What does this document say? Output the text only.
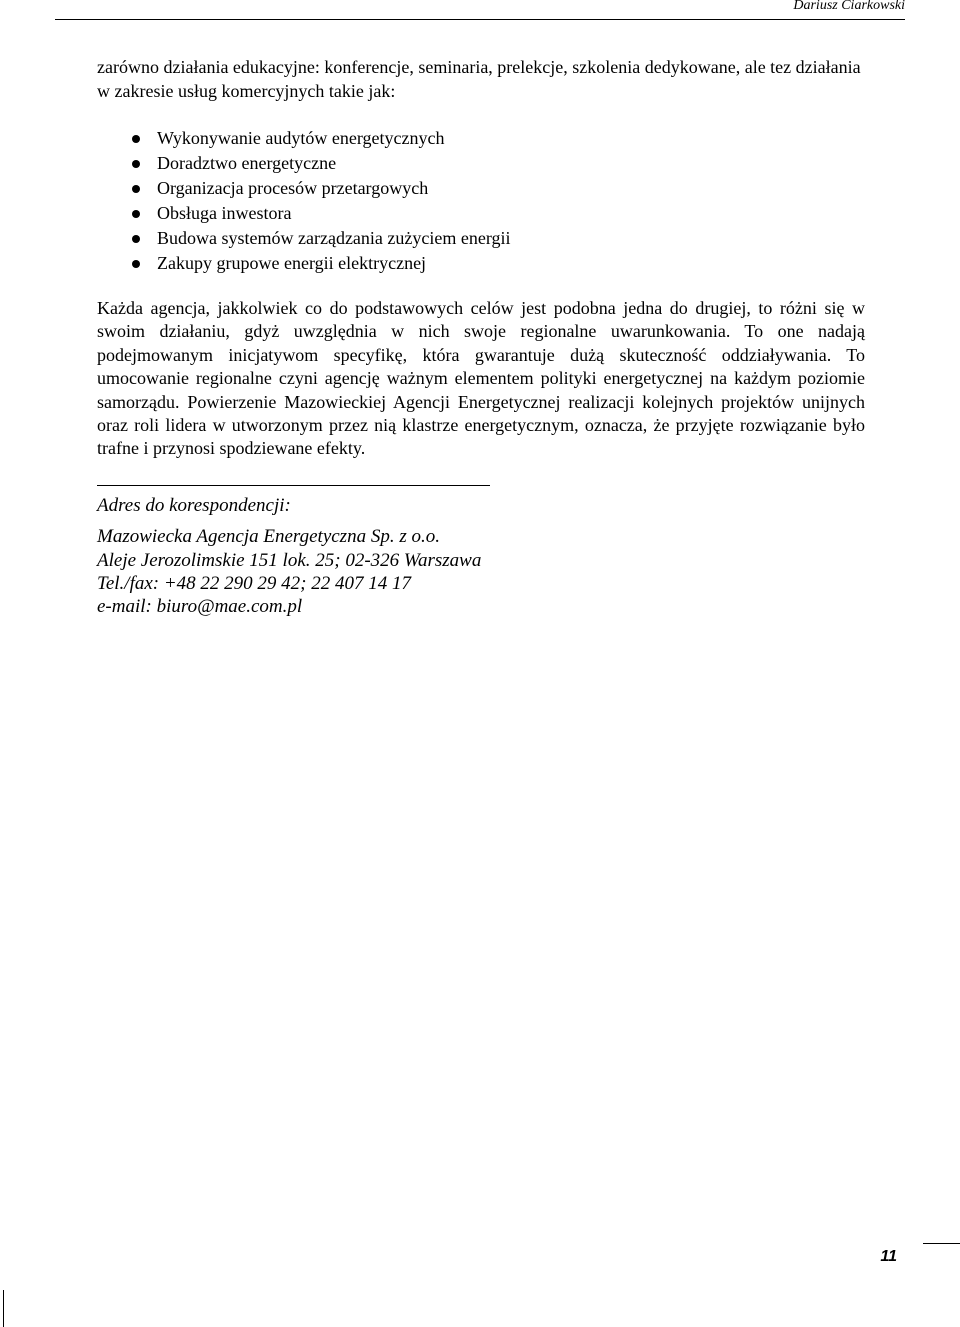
Dariusz Ciarkowski

zarówno działania edukacyjne: konferencje, seminaria, prelekcje, szkolenia dedykowane, ale tez działania w zakresie usług komercyjnych takie jak:

Wykonywanie audytów energetycznych
Doradztwo energetyczne
Organizacja procesów przetargowych
Obsługa inwestora
Budowa systemów zarządzania zużyciem energii
Zakupy grupowe energii elektrycznej

Każda agencja, jakkolwiek co do podstawowych celów jest podobna jedna do drugiej, to różni się w swoim działaniu, gdyż uwzględnia w nich swoje regionalne uwarunkowania. To one nadają podejmowanym inicjatywom specyfikę, która gwarantuje dużą skuteczność oddziaływania. To umocowanie regionalne czyni agencję ważnym elementem polityki energetycznej na każdym poziomie samorządu. Powierzenie Mazowieckiej Agencji Energetycznej realizacji kolejnych projektów unijnych oraz roli lidera w utworzonym przez nią klastrze energetycznym, oznacza, że przyjęte rozwiązanie było trafne i przynosi spodziewane efekty.

Adres do korespondencji:
Mazowiecka Agencja Energetyczna Sp. z o.o.
Aleje Jerozolimskie 151 lok. 25; 02-326 Warszawa
Tel./fax: +48 22 290 29 42; 22 407 14 17
e-mail: biuro@mae.com.pl
11
